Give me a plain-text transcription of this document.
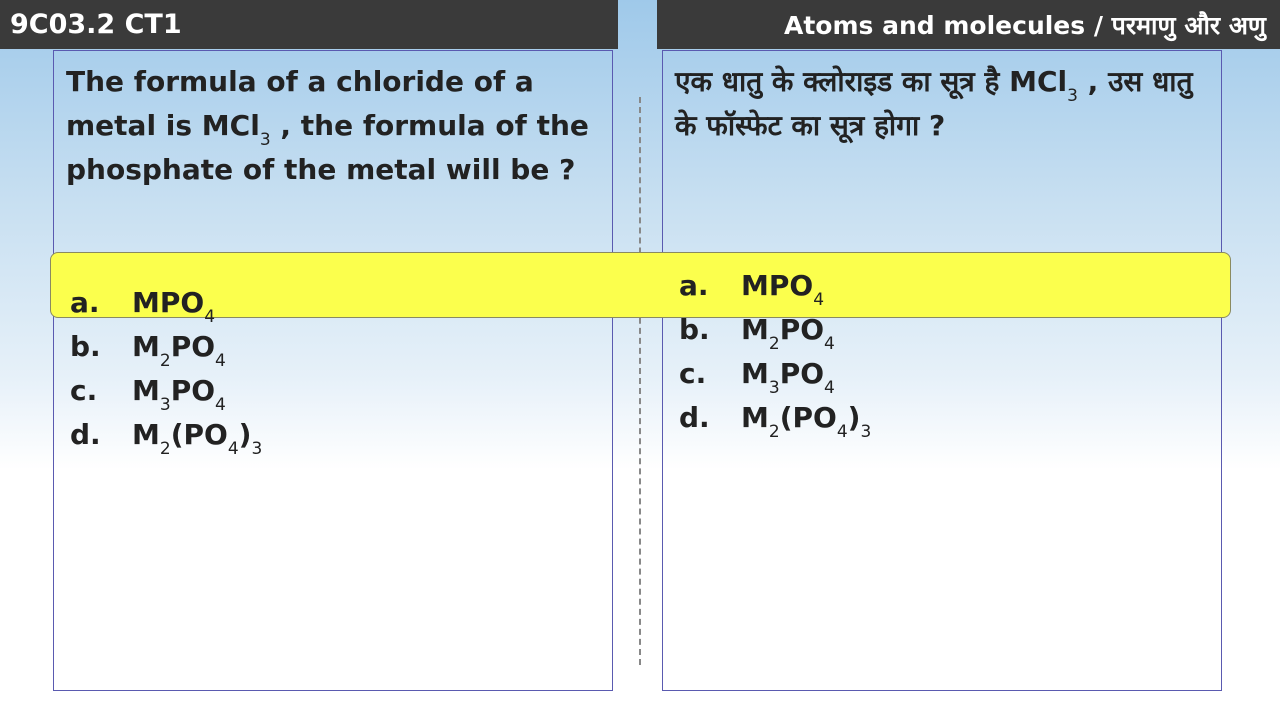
9C03.2 CT1	Atoms and molecules / परमाणु और अणु
The formula of a chloride of a metal is MCl$_3$ , the formula of the phosphate of the metal will be ?
एक धातु के क्लोराइड का सूत्र है MCl$_3$ , उस धातु के फॉस्फेट का सूत्र होगा ?
a. $MPO_4$
b. $M_2PO_4$
c. $M_3PO_4$
d. $M_2(PO_4)_3$
a. $MPO_4$
b. $M_2PO_4$
c. $M_3PO_4$
d. $M_2(PO_4)_3$
